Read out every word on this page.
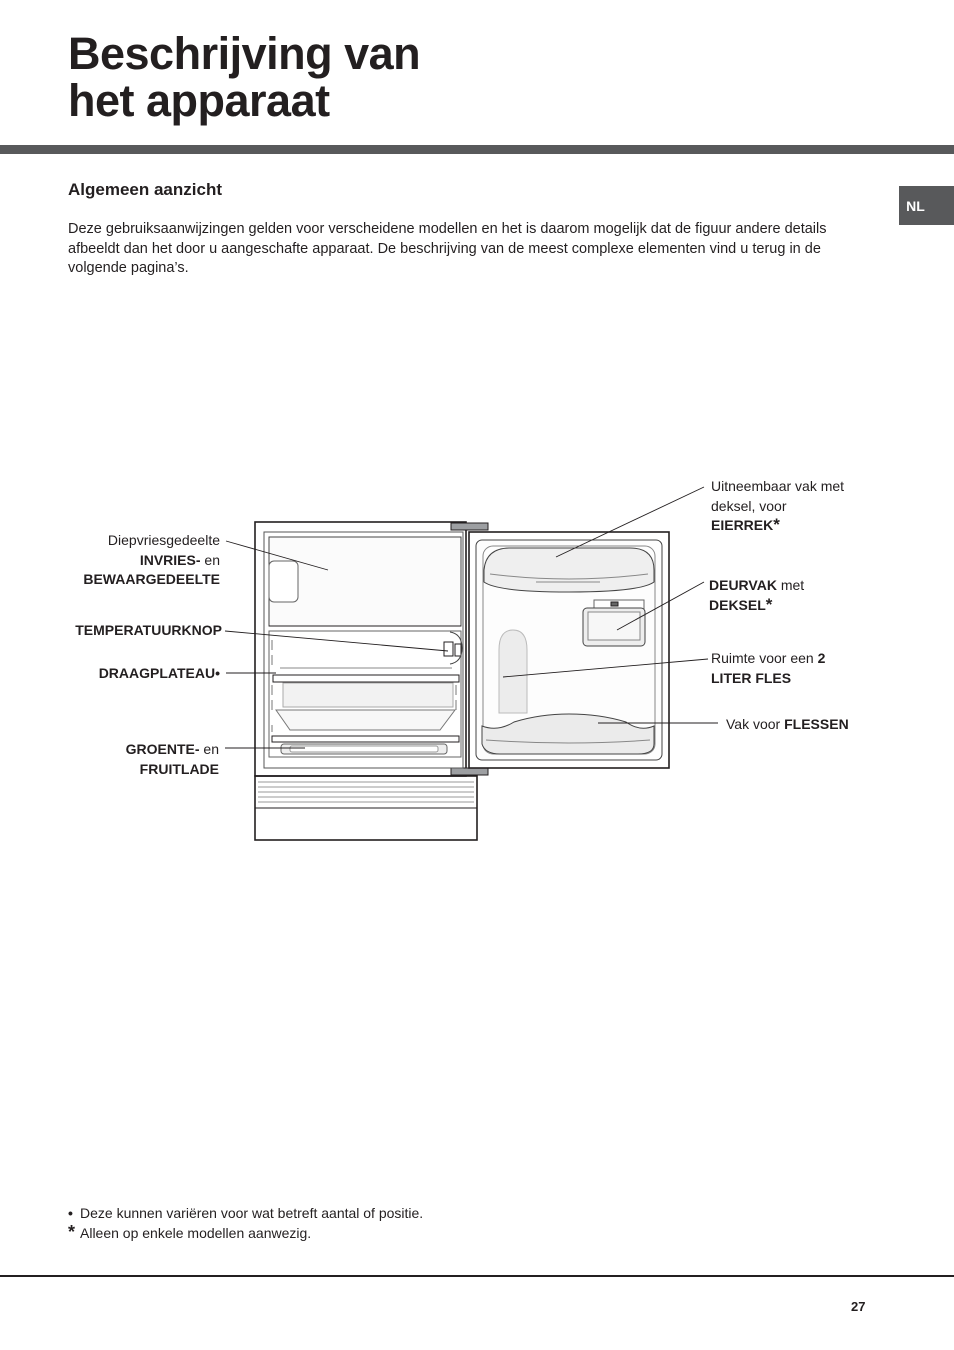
Beschrijving van
het apparaat
Algemeen aanzicht
NL

Deze gebruiksaanwijzingen gelden voor verscheidene modellen en het is daarom mogelijk dat de figuur andere details afbeeldt dan het door u aangeschafte apparaat. De beschrijving van de meest complexe elementen vind u terug in de volgende pagina’s.

Diepvriesgedeelte
INVRIES- en
BEWAARGEDEELTE
TEMPERATUURKNOP
DRAAGPLATEAU•
GROENTE- en
FRUITLADE
Uitneembaar vak met
deksel, voor
EIERREK*
DEURVAK met
DEKSEL*
Ruimte voor een 2
LITER FLES
Vak voor FLESSEN
• Deze kunnen variëren voor wat betreft aantal of positie.
* Alleen op enkele modellen aanwezig.
27
